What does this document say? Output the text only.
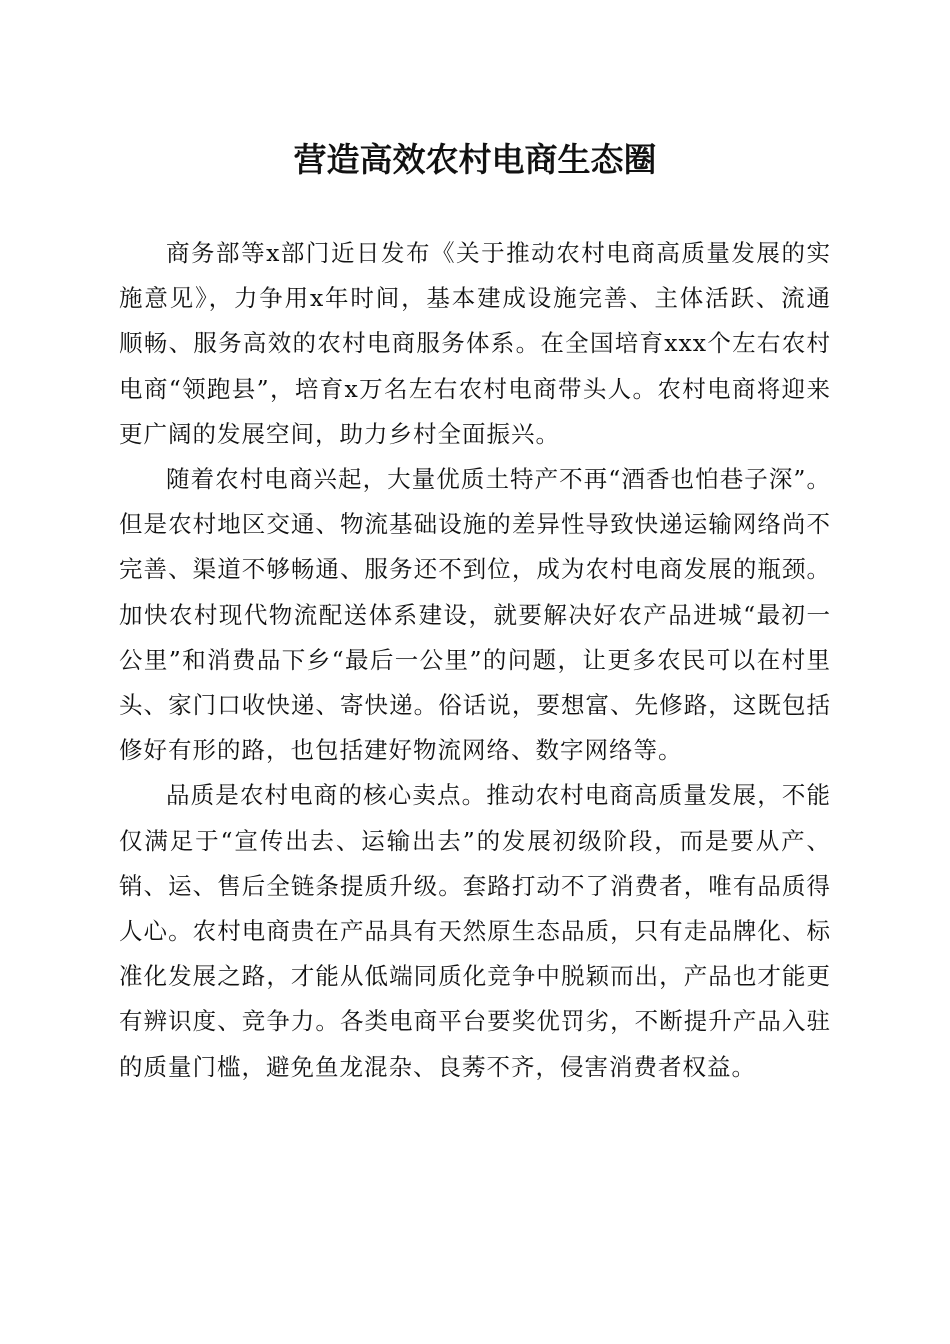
营造高效农村电商生态圈

商务部等x部门近日发布《关于推动农村电商高质量发展的实施意见》，力争用x年时间，基本建成设施完善、主体活跃、流通顺畅、服务高效的农村电商服务体系。在全国培育xxx个左右农村电商“领跑县”，培育x万名左右农村电商带头人。农村电商将迎来更广阔的发展空间，助力乡村全面振兴。

随着农村电商兴起，大量优质土特产不再“酒香也怕巷子深”。但是农村地区交通、物流基础设施的差异性导致快递运输网络尚不完善、渠道不够畅通、服务还不到位，成为农村电商发展的瓶颈。加快农村现代物流配送体系建设，就要解决好农产品进城“最初一公里”和消费品下乡“最后一公里”的问题，让更多农民可以在村里头、家门口收快递、寄快递。俗话说，要想富、先修路，这既包括修好有形的路，也包括建好物流网络、数字网络等。

品质是农村电商的核心卖点。推动农村电商高质量发展，不能仅满足于“宣传出去、运输出去”的发展初级阶段，而是要从产、销、运、售后全链条提质升级。套路打动不了消费者，唯有品质得人心。农村电商贵在产品具有天然原生态品质，只有走品牌化、标准化发展之路，才能从低端同质化竞争中脱颖而出，产品也才能更有辨识度、竞争力。各类电商平台要奖优罚劣，不断提升产品入驻的质量门槛，避免鱼龙混杂、良莠不齐，侵害消费者权益。
